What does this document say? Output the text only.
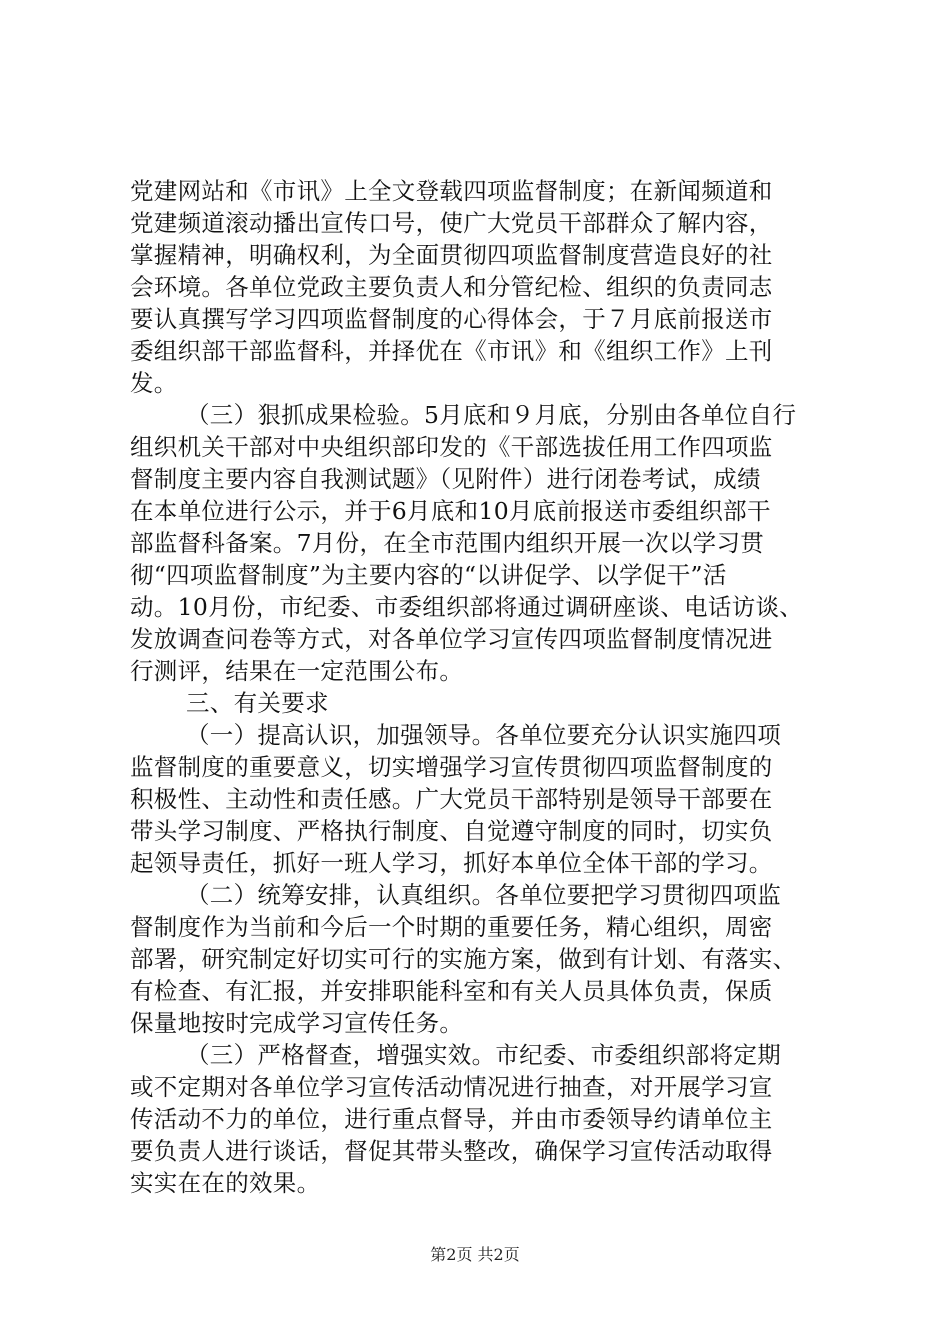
党建网站和《市讯》上全文登载四项监督制度；在新闻频道和
党建频道滚动播出宣传口号，使广大党员干部群众了解内容，
掌握精神，明确权利，为全面贯彻四项监督制度营造良好的社
会环境。各单位党政主要负责人和分管纪检、组织的负责同志
要认真撰写学习四项监督制度的心得体会，于７月底前报送市
委组织部干部监督科，并择优在《市讯》和《组织工作》上刊
发。
（三）狠抓成果检验。5月底和９月底，分别由各单位自行
组织机关干部对中央组织部印发的《干部选拔任用工作四项监
督制度主要内容自我测试题》（见附件）进行闭卷考试，成绩
在本单位进行公示，并于6月底和10月底前报送市委组织部干
部监督科备案。7月份，在全市范围内组织开展一次以学习贯
彻“四项监督制度”为主要内容的“以讲促学、以学促干”活
动。10月份，市纪委、市委组织部将通过调研座谈、电话访谈、
发放调查问卷等方式，对各单位学习宣传四项监督制度情况进
行测评，结果在一定范围公布。
三、有关要求
（一）提高认识，加强领导。各单位要充分认识实施四项
监督制度的重要意义，切实增强学习宣传贯彻四项监督制度的
积极性、主动性和责任感。广大党员干部特别是领导干部要在
带头学习制度、严格执行制度、自觉遵守制度的同时，切实负
起领导责任，抓好一班人学习，抓好本单位全体干部的学习。
（二）统筹安排，认真组织。各单位要把学习贯彻四项监
督制度作为当前和今后一个时期的重要任务，精心组织，周密
部署，研究制定好切实可行的实施方案，做到有计划、有落实、
有检查、有汇报，并安排职能科室和有关人员具体负责，保质
保量地按时完成学习宣传任务。
（三）严格督查，增强实效。市纪委、市委组织部将定期
或不定期对各单位学习宣传活动情况进行抽查，对开展学习宣
传活动不力的单位，进行重点督导，并由市委领导约请单位主
要负责人进行谈话，督促其带头整改，确保学习宣传活动取得
实实在在的效果。
第2页 共2页
